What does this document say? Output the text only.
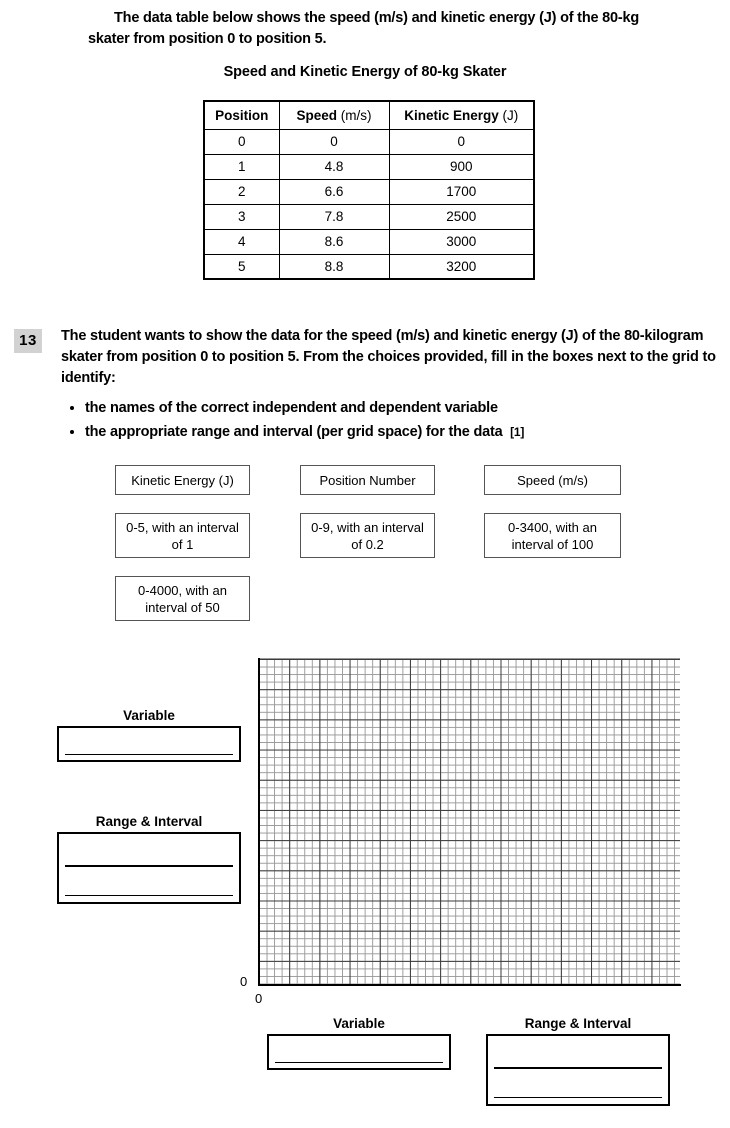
The data table below shows the speed (m/s) and kinetic energy (J) of the 80-kg skater from position 0 to position 5.
Speed and Kinetic Energy of 80-kg Skater
Position	Speed (m/s)	Kinetic Energy (J)
0	0	0
1	4.8	900
2	6.6	1700
3	7.8	2500
4	8.6	3000
5	8.8	3200
13	The student wants to show the data for the speed (m/s) and kinetic energy (J) of the 80-kilogram skater from position 0 to position 5. From the choices provided, fill in the boxes next to the grid to identify:
• the names of the correct independent and dependent variable
• the appropriate range and interval (per grid space) for the data [1]
Kinetic Energy (J)	Position Number	Speed (m/s)
0-5, with an interval of 1
0-9, with an interval of 0.2
0-3400, with an interval of 100
0-4000, with an interval of 50
0
0
Variable
Range & Interval
Variable	Range & Interval
